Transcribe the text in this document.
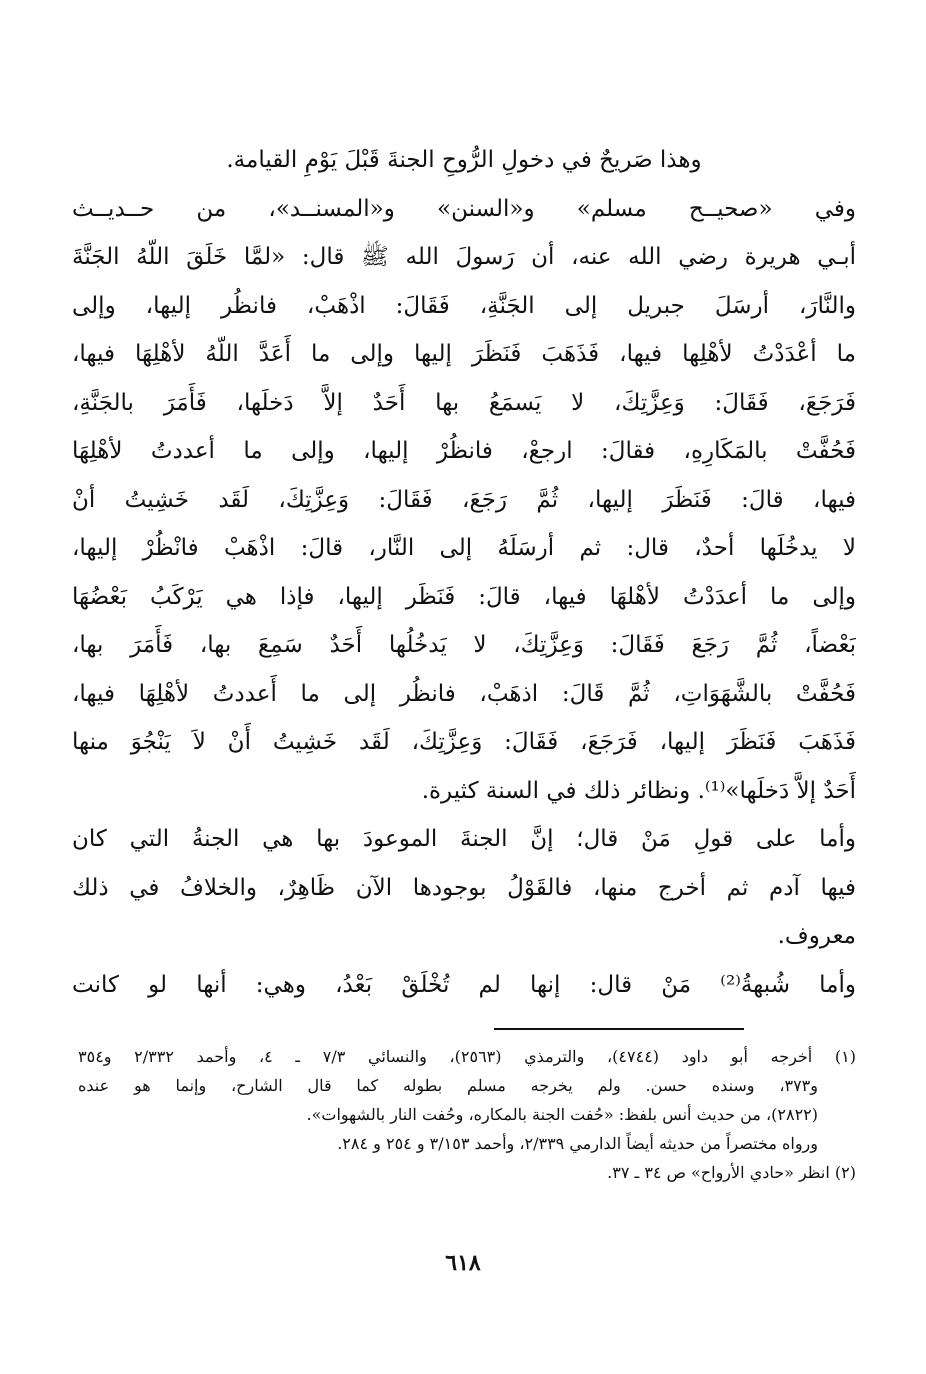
وهذا صَريحٌ في دخولِ الرُّوحِ الجنةَ قَبْلَ يَوْمِ القيامة.
وفي «صحيــح مسلم» و«السنن» و«المسنــد»، من حــديــث
أبـي هريرة رضي الله عنه، أن رَسولَ الله ﷺ قال: «لمَّا خَلَقَ اللّهُ الجَنَّةَ
والنَّارَ، أرسَلَ جبريل إلى الجَنَّةِ، فَقَالَ: اذْهَبْ، فانظُر إليها، وإلى
ما أعْدَدْتُ لأهْلِها فيها، فَذَهَبَ فَنَظَرَ إليها وإلى ما أَعَدَّ اللّهُ لأهْلِهَا فيها،
فَرَجَعَ، فَقَالَ: وَعِزَّتِكَ، لا يَسمَعُ بها أَحَدٌ إلاَّ دَخلَها، فَأَمَرَ بالجَنَّةِ،
فَحُفَّتْ بالمَكَارِهِ، فقالَ: ارجعْ، فانظُرْ إليها، وإلى ما أعددتُ لأهْلِهَا
فيها، قالَ: فَنَظَرَ إليها، ثُمَّ رَجَعَ، فَقَالَ: وَعِزَّتِكَ، لَقَد خَشِيتُ أنْ
لا يدخُلَها أحدٌ، قال: ثم أرسَلَهُ إلى النَّار، قالَ: اذْهَبْ فانْظُرْ إليها،
وإلى ما أعدَدْتُ لأهْلهَا فيها، قالَ: فَنَظَر إليها، فإذا هي يَرْكَبُ بَعْضُهَا
بَعْضاً، ثُمَّ رَجَعَ فَقَالَ: وَعِزَّتِكَ، لا يَدخُلُها أَحَدٌ سَمِعَ بها، فَأَمَرَ بها،
فَحُفَّتْ بالشَّهَوَاتِ، ثُمَّ قَالَ: اذهَبْ، فانظُر إلى ما أَعددتُ لأهْلِهَا فيها،
فَذَهَبَ فَنَظَرَ إليها، فَرَجَعَ، فَقَالَ: وَعِزَّتِكَ، لَقَد خَشِيتُ أَنْ لاَ يَنْجُوَ منها
أَحَدٌ إلاَّ دَخلَها»⁽¹⁾. ونظائر ذلك في السنة كثيرة.
وأما على قولِ مَنْ قال؛ إنَّ الجنةَ الموعودَ بها هي الجنةُ التي كان
فيها آدم ثم أخرج منها، فالقَوْلُ بوجودها الآن ظَاهِرٌ، والخلافُ في ذلك
معروف.
وأما شُبهةُ⁽²⁾ مَنْ قال: إنها لم تُخْلَقْ بَعْدُ، وهي: أنها لو كانت
(١) أخرجه أبو داود (٤٧٤٤)، والترمذي (٢٥٦٣)، والنسائي ٧/٣ ـ ٤، وأحمد ٢/٣٣٢ و٣٥٤
و٣٧٣، وسنده حسن. ولم يخرجه مسلم بطوله كما قال الشارح، وإنما هو عنده
(٢٨٢٢)، من حديث أنس بلفظ: «حُفت الجنة بالمكاره، وحُفت النار بالشهوات».
ورواه مختصراً من حديثه أيضاً الدارمي ٢/٣٣٩، وأحمد ٣/١٥٣ و ٢٥٤ و ٢٨٤.
(٢) انظر «حادي الأرواح» ص ٣٤ ـ ٣٧.
٦١٨
